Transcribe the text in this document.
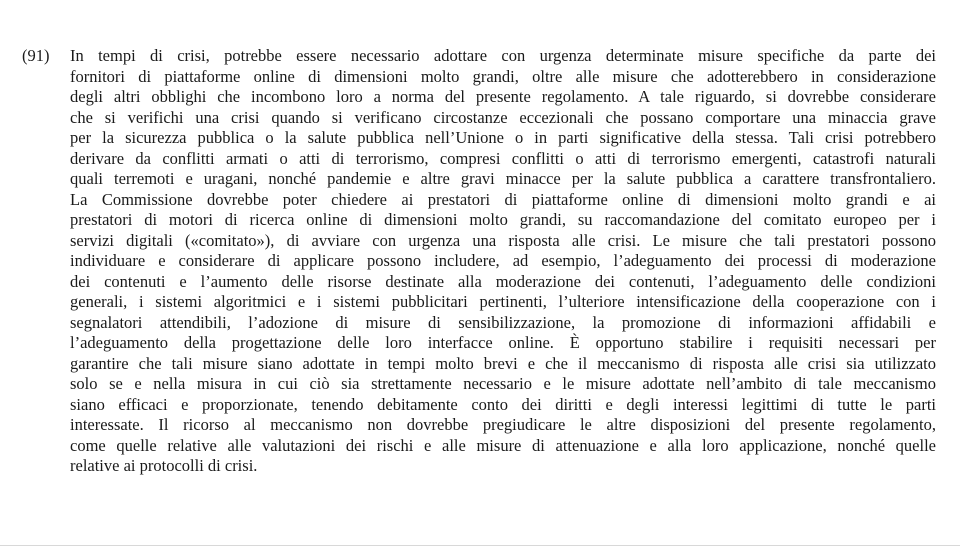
(91) In tempi di crisi, potrebbe essere necessario adottare con urgenza determinate misure specifiche da parte dei
fornitori di piattaforme online di dimensioni molto grandi, oltre alle misure che adotterebbero in considerazione
degli altri obblighi che incombono loro a norma del presente regolamento. A tale riguardo, si dovrebbe considerare
che si verifichi una crisi quando si verificano circostanze eccezionali che possano comportare una minaccia grave
per la sicurezza pubblica o la salute pubblica nell’Unione o in parti significative della stessa. Tali crisi potrebbero
derivare da conflitti armati o atti di terrorismo, compresi conflitti o atti di terrorismo emergenti, catastrofi naturali
quali terremoti e uragani, nonché pandemie e altre gravi minacce per la salute pubblica a carattere transfrontaliero.
La Commissione dovrebbe poter chiedere ai prestatori di piattaforme online di dimensioni molto grandi e ai
prestatori di motori di ricerca online di dimensioni molto grandi, su raccomandazione del comitato europeo per i
servizi digitali («comitato»), di avviare con urgenza una risposta alle crisi. Le misure che tali prestatori possono
individuare e considerare di applicare possono includere, ad esempio, l’adeguamento dei processi di moderazione
dei contenuti e l’aumento delle risorse destinate alla moderazione dei contenuti, l’adeguamento delle condizioni
generali, i sistemi algoritmici e i sistemi pubblicitari pertinenti, l’ulteriore intensificazione della cooperazione con i
segnalatori attendibili, l’adozione di misure di sensibilizzazione, la promozione di informazioni affidabili e
l’adeguamento della progettazione delle loro interfacce online. È opportuno stabilire i requisiti necessari per
garantire che tali misure siano adottate in tempi molto brevi e che il meccanismo di risposta alle crisi sia utilizzato
solo se e nella misura in cui ciò sia strettamente necessario e le misure adottate nell’ambito di tale meccanismo
siano efficaci e proporzionate, tenendo debitamente conto dei diritti e degli interessi legittimi di tutte le parti
interessate. Il ricorso al meccanismo non dovrebbe pregiudicare le altre disposizioni del presente regolamento,
come quelle relative alle valutazioni dei rischi e alle misure di attenuazione e alla loro applicazione, nonché quelle
relative ai protocolli di crisi.
